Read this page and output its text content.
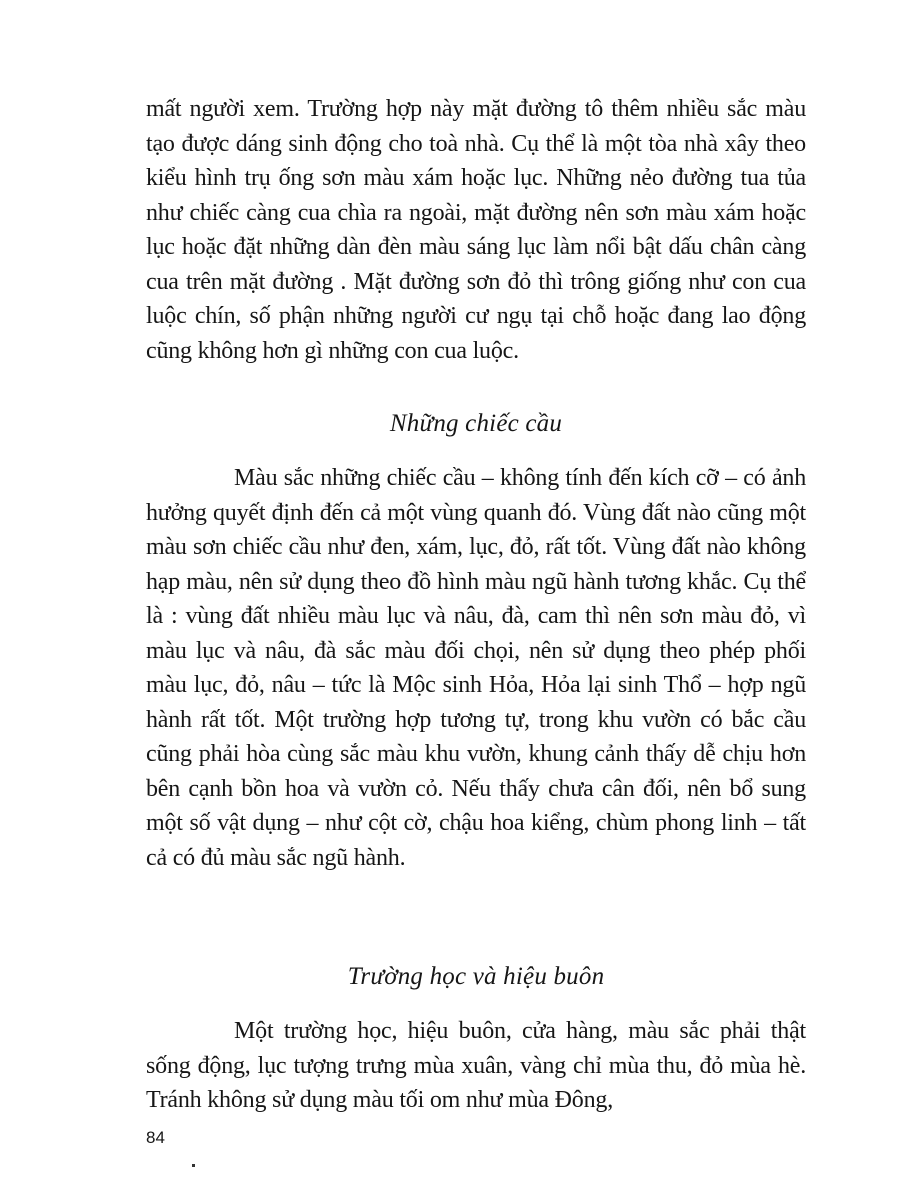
mất người xem. Trường hợp này mặt đường tô thêm nhiều sắc màu tạo được dáng sinh động cho toà nhà. Cụ thể là một tòa nhà xây theo kiểu hình trụ ống sơn màu xám hoặc lục. Những nẻo đường tua tủa như chiếc càng cua chìa ra ngoài, mặt đường nên sơn màu xám hoặc lục hoặc đặt những dàn đèn màu sáng lục làm nổi bật dấu chân càng cua trên mặt đường . Mặt đường sơn đỏ thì trông giống như con cua luộc chín, số phận những người cư ngụ tại chỗ hoặc đang lao động cũng không hơn gì những con cua luộc.

Những chiếc cầu

Màu sắc những chiếc cầu – không tính đến kích cỡ – có ảnh hưởng quyết định đến cả một vùng quanh đó. Vùng đất nào cũng một màu sơn chiếc cầu như đen, xám, lục, đỏ, rất tốt. Vùng đất nào không hạp màu, nên sử dụng theo đồ hình màu ngũ hành tương khắc. Cụ thể là : vùng đất nhiều màu lục và nâu, đà, cam thì nên sơn màu đỏ, vì màu lục và nâu, đà sắc màu đối chọi, nên sử dụng theo phép phối màu lục, đỏ, nâu – tức là Mộc sinh Hỏa, Hỏa lại sinh Thổ – hợp ngũ hành rất tốt. Một trường hợp tương tự, trong khu vườn có bắc cầu cũng phải hòa cùng sắc màu khu vườn, khung cảnh thấy dễ chịu hơn bên cạnh bồn hoa và vườn cỏ. Nếu thấy chưa cân đối, nên bổ sung một số vật dụng – như cột cờ, chậu hoa kiểng, chùm phong linh – tất cả có đủ màu sắc ngũ hành.

Trường học và hiệu buôn

Một trường học, hiệu buôn, cửa hàng, màu sắc phải thật sống động, lục tượng trưng mùa xuân, vàng chỉ mùa thu, đỏ mùa hè. Tránh không sử dụng màu tối om như mùa Đông,

84
